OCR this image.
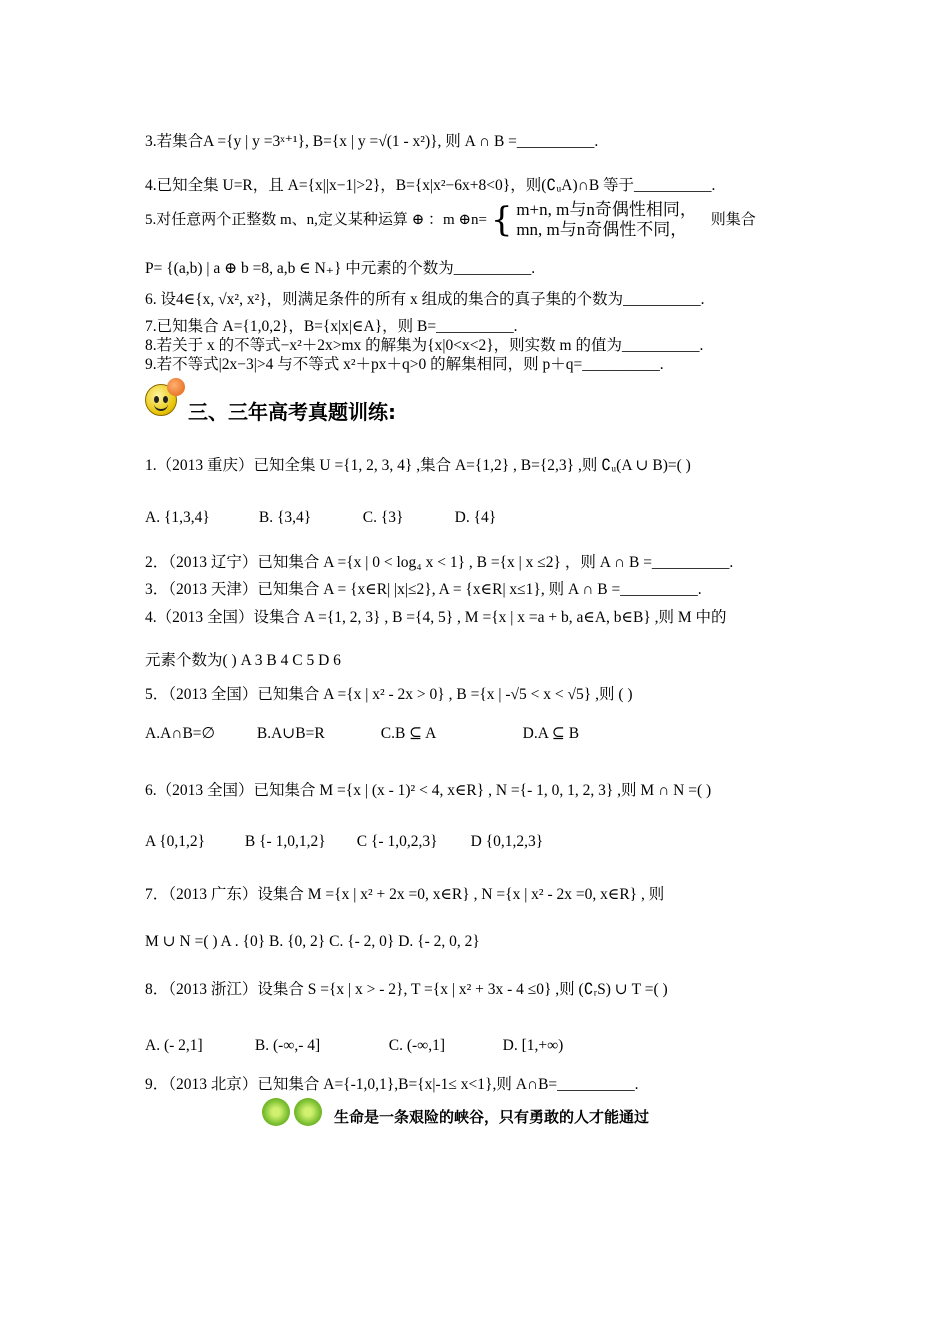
3.若集合A ={y | y =3ˣ⁺¹}, B={x | y =√(1 - x²)}, 则 A ∩ B =__________.
4.已知全集 U=R，且 A={x||x−1|>2}，B={x|x²−6x+8<0}，则(∁ᵤA)∩B 等于__________.
5.对任意两个正整数 m、n,定义某种运算 ⊕ ：m ⊕n= { m+n, m与n奇偶性相同，
mn, m与n奇偶性不同， 则集合
P= {(a,b) | a ⊕ b =8, a,b ∈ N₊} 中元素的个数为__________.
6. 设4∈{x, √x², x²}，则满足条件的所有 x 组成的集合的真子集的个数为__________.
7.已知集合 A={1,0,2}，B={x|x|∈A}，则 B=__________.
8.若关于 x 的不等式−x²＋2x>mx 的解集为{x|0<x<2}，则实数 m 的值为__________.
9.若不等式|2x−3|>4 与不等式 x²＋px＋q>0 的解集相同，则 p＋q=__________.
三、三年高考真题训练:
1.（2013 重庆）已知全集 U ={1, 2, 3, 4} ,集合 A={1,2} , B={2,3} ,则 ∁ᵤ(A ∪ B)=( )
A. {1,3,4}	B. {3,4}	C. {3}	D. {4}
2．（2013 辽宁）已知集合 A ={x | 0 < log₄ x < 1} , B ={x | x ≤2} ，则 A ∩ B =__________.
3．（2013 天津）已知集合 A = {x∈R| |x|≤2}, A = {x∈R| x≤1}, 则 A ∩ B =__________.
4.（2013 全国）设集合 A ={1, 2, 3} , B ={4, 5} , M ={x | x =a + b, a∈A, b∈B} ,则 M 中的
元素个数为( ) A 3 B 4 C 5 D 6
5．（2013 全国）已知集合 A ={x | x² - 2x > 0} , B ={x | -√5 < x < √5} ,则 ( )
A.A∩B=∅	B.A∪B=R	C.B ⊆ A	D.A ⊆ B
6.（2013 全国）已知集合 M ={x | (x - 1)² < 4, x∈R} , N ={- 1, 0, 1, 2, 3} ,则 M ∩ N =( )
A {0,1,2}	B {- 1,0,1,2} C {- 1,0,2,3} D {0,1,2,3}
7．（2013 广东）设集合 M ={x | x² + 2x =0, x∈R} , N ={x | x² - 2x =0, x∈R} , 则
M ∪ N =( ) A . {0} B. {0, 2} C. {- 2, 0} D. {- 2, 0, 2}
8．（2013 浙江）设集合 S ={x | x > - 2}, T ={x | x² + 3x - 4 ≤0} ,则 (∁ᵣS) ∪ T =( )
A. (- 2,1]	B. (-∞,- 4]	C. (-∞,1]	D. [1,+∞)
9．（2013 北京）已知集合 A={-1,0,1},B={x|-1≤ x<1},则 A∩B=__________.
生命是一条艰险的峡谷，只有勇敢的人才能通过
